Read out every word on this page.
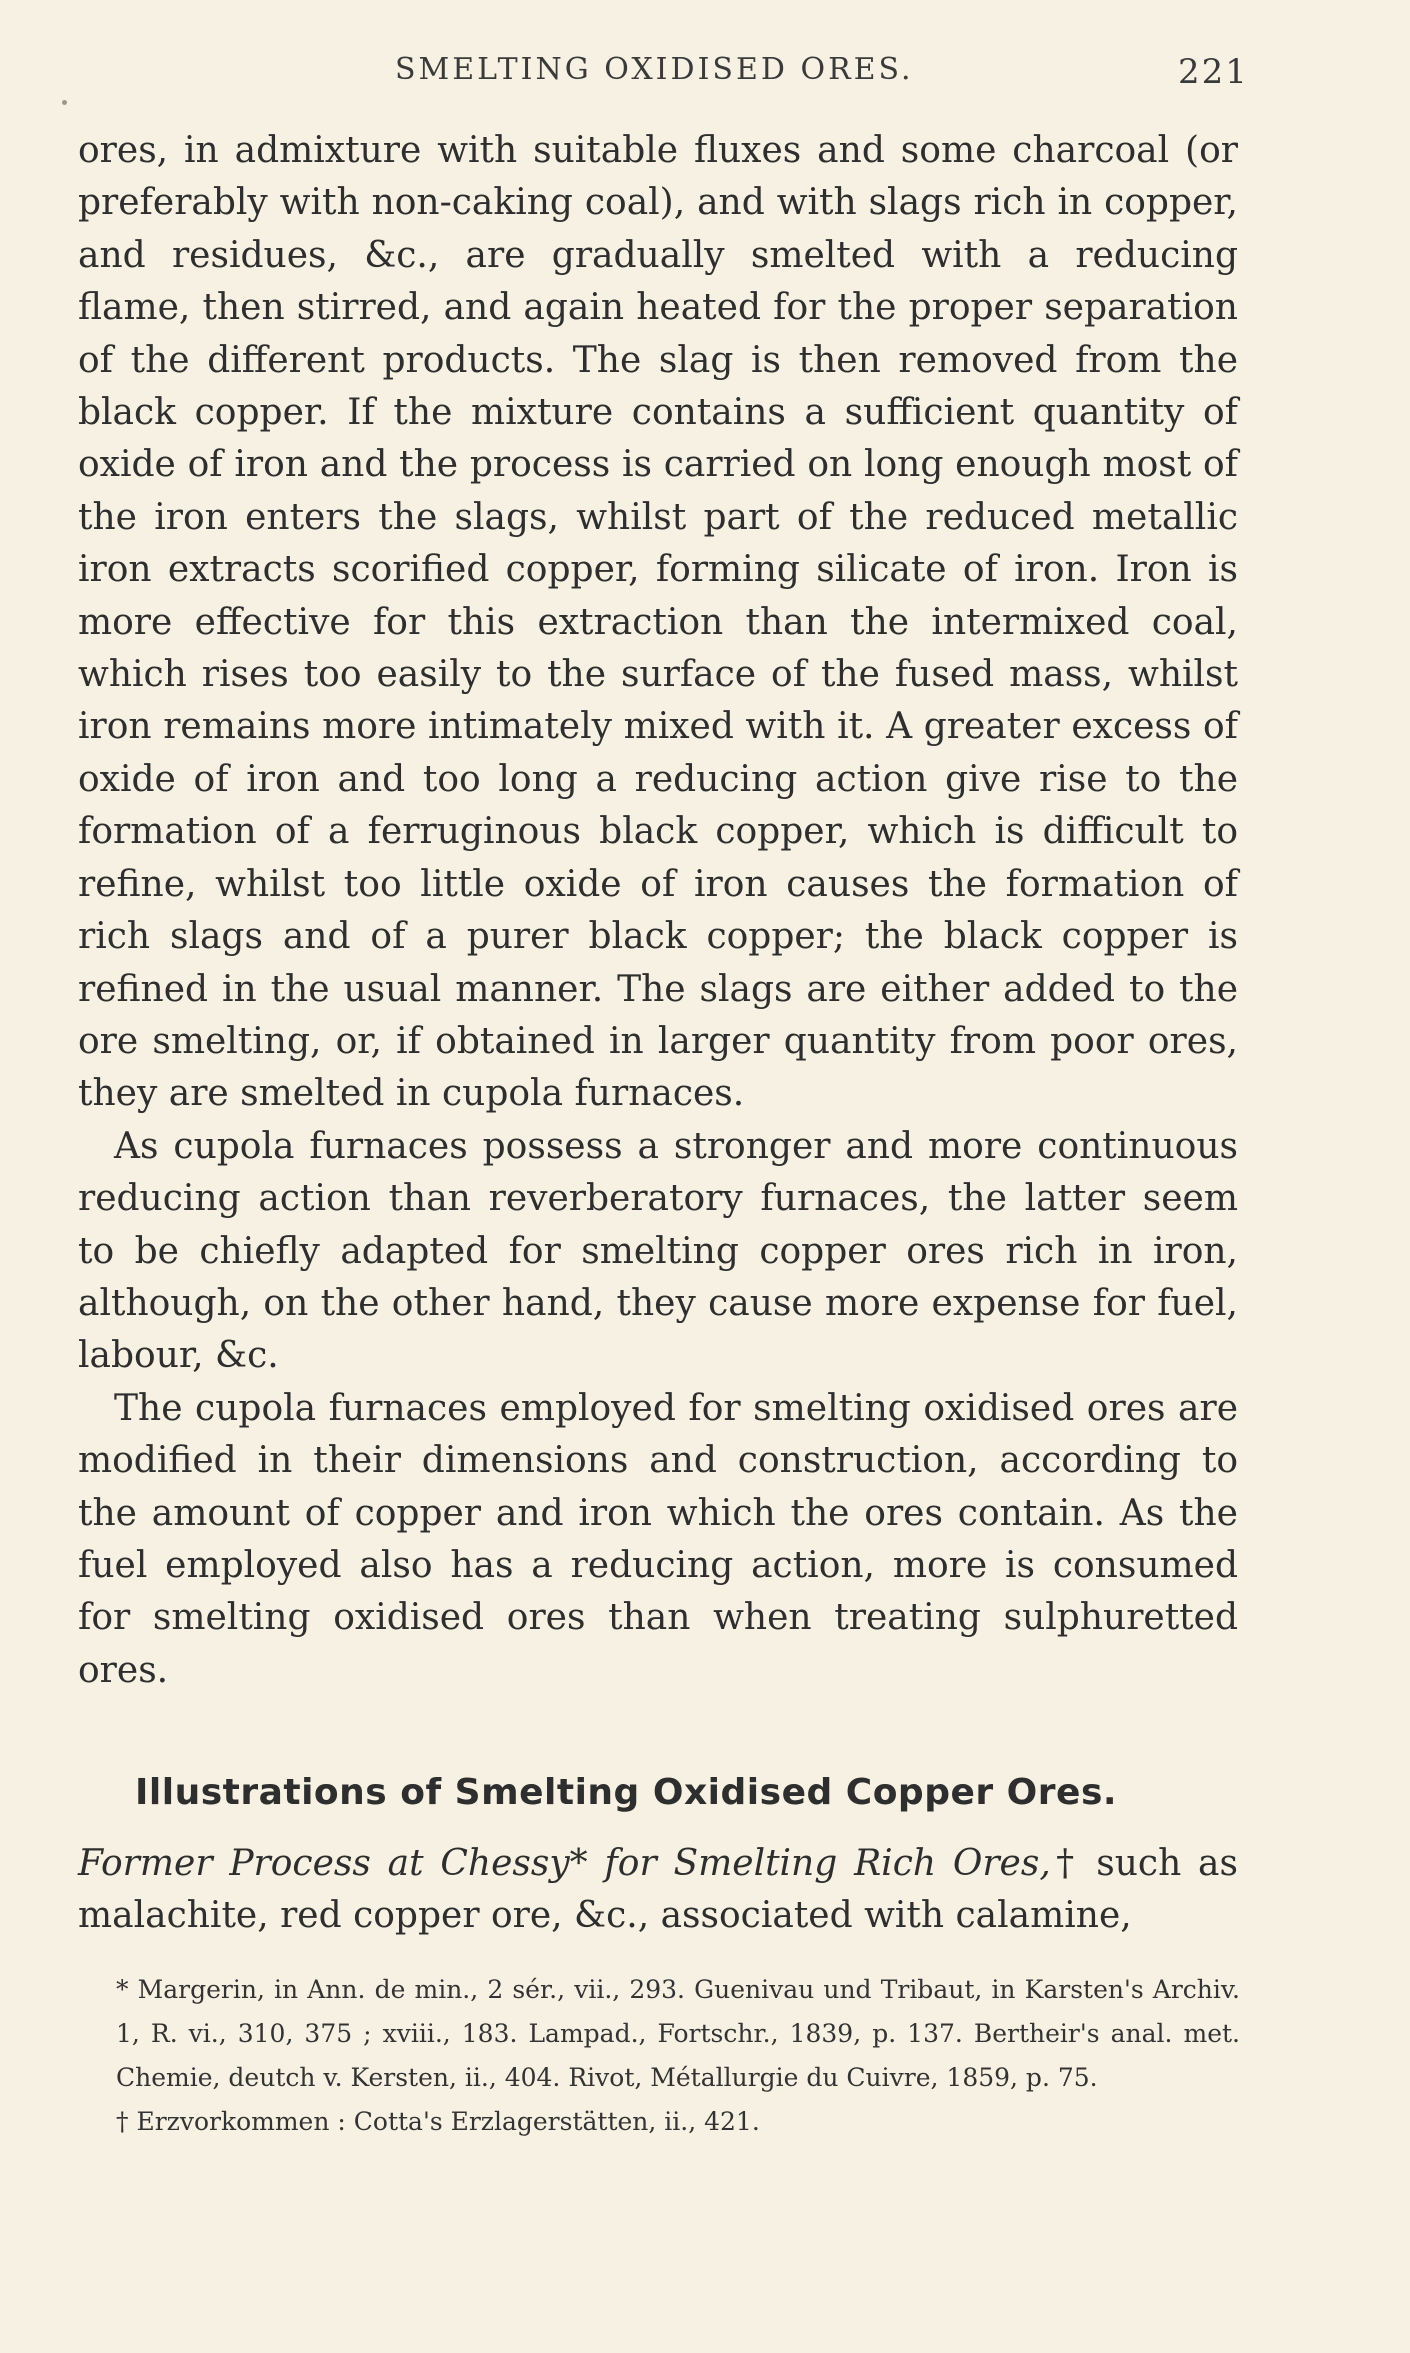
SMELTING OXIDISED ORES.	221

ores, in admixture with suitable fluxes and some charcoal (or preferably with non-caking coal), and with slags rich in copper, and residues, &c., are gradually smelted with a reducing flame, then stirred, and again heated for the proper separation of the different products. The slag is then removed from the black copper. If the mixture contains a sufficient quantity of oxide of iron and the process is carried on long enough most of the iron enters the slags, whilst part of the reduced metallic iron extracts scorified copper, forming silicate of iron. Iron is more effective for this extraction than the intermixed coal, which rises too easily to the surface of the fused mass, whilst iron remains more intimately mixed with it. A greater excess of oxide of iron and too long a reducing action give rise to the formation of a ferruginous black copper, which is difficult to refine, whilst too little oxide of iron causes the formation of rich slags and of a purer black copper; the black copper is refined in the usual manner. The slags are either added to the ore smelting, or, if obtained in larger quantity from poor ores, they are smelted in cupola furnaces.

As cupola furnaces possess a stronger and more continuous reducing action than reverberatory furnaces, the latter seem to be chiefly adapted for smelting copper ores rich in iron, although, on the other hand, they cause more expense for fuel, labour, &c.

The cupola furnaces employed for smelting oxidised ores are modified in their dimensions and construction, according to the amount of copper and iron which the ores contain. As the fuel employed also has a reducing action, more is consumed for smelting oxidised ores than when treating sulphuretted ores.

Illustrations of Smelting Oxidised Copper Ores.
Former Process at Chessy* for Smelting Rich Ores,† such as malachite, red copper ore, &c., associated with calamine,

* Margerin, in Ann. de min., 2 sér., vii., 293. Guenivau und Tribaut, in Karsten's Archiv. 1, R. vi., 310, 375 ; xviii., 183. Lampad., Fortschr., 1839, p. 137. Bertheir's anal. met. Chemie, deutch v. Kersten, ii., 404. Rivot, Métallurgie du Cuivre, 1859, p. 75.

† Erzvorkommen : Cotta's Erzlagerstätten, ii., 421.
